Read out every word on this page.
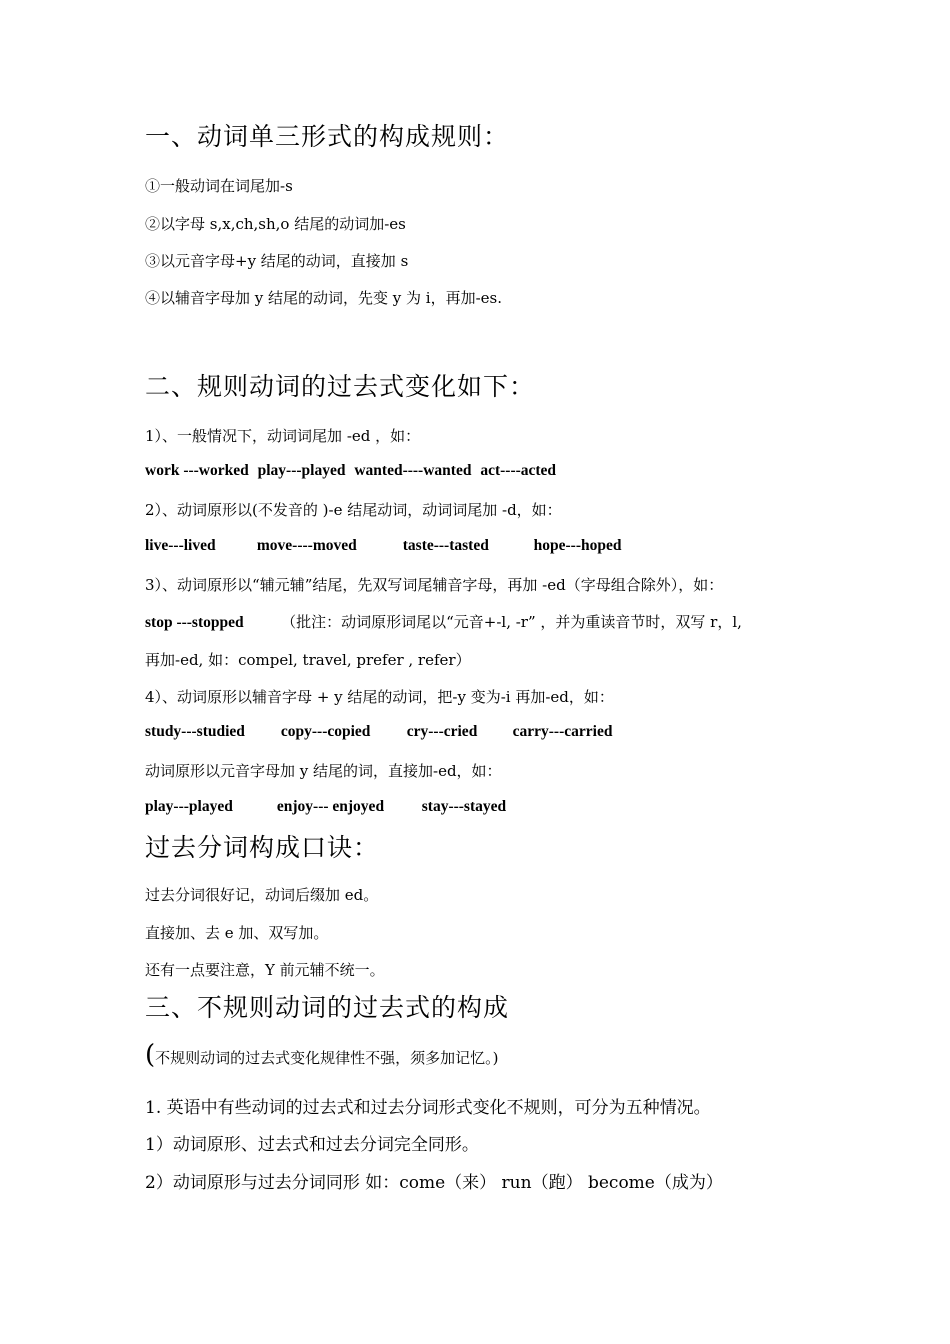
一、动词单三形式的构成规则：
①一般动词在词尾加-s
②以字母 s,x,ch,sh,o 结尾的动词加-es
③以元音字母+y 结尾的动词，直接加 s
④以辅音字母加 y 结尾的动词，先变 y 为 i，再加-es.
二、规则动词的过去式变化如下：
1）、一般情况下，动词词尾加 -ed ，如：
work ---worked play---played wanted----wanted act----acted
2）、动词原形以(不发音的 )-e 结尾动词，动词词尾加 -d，如：
live---lived	move----moved	taste---tasted	hope---hoped
3）、动词原形以“辅元辅”结尾，先双写词尾辅音字母，再加 -ed（字母组合除外），如：
stop ---stopped （批注：动词原形词尾以“元音+-l, -r” ，并为重读音节时，双写 r，l,
再加-ed, 如：compel, travel, prefer , refer）
4）、动词原形以辅音字母 + y 结尾的动词，把-y 变为-i 再加-ed，如：
study---studied copy---copied cry---cried carry---carried
动词原形以元音字母加 y 结尾的词，直接加-ed，如：
play---played	enjoy--- enjoyed stay---stayed
过去分词构成口诀：
过去分词很好记，动词后缀加 ed。
直接加、去 e 加、双写加。
还有一点要注意，Y 前元辅不统一。
三、不规则动词的过去式的构成
(不规则动词的过去式变化规律性不强，须多加记忆。)
1. 英语中有些动词的过去式和过去分词形式变化不规则，可分为五种情况。
1）动词原形、过去式和过去分词完全同形。
2）动词原形与过去分词同形 如：come（来） run（跑） become（成为）
